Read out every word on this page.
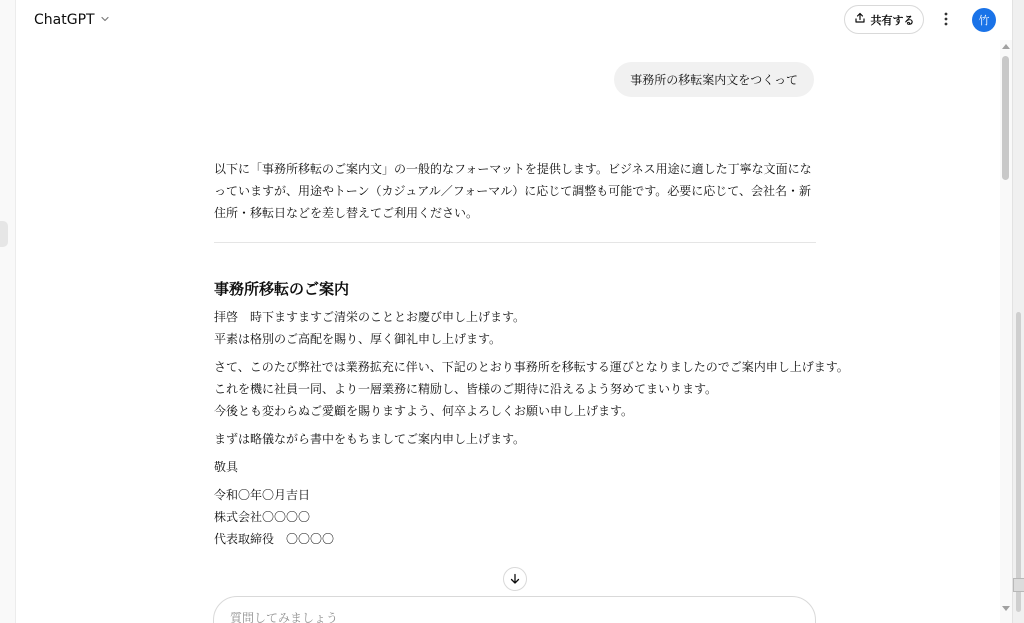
ChatGPT	共有する	竹
事務所の移転案内文をつくって

以下に「事務所移転のご案内文」の一般的なフォーマットを提供します。ビジネス用途に適した丁寧な文面になっていますが、用途やトーン（カジュアル／フォーマル）に応じて調整も可能です。必要に応じて、会社名・新住所・移転日などを差し替えてご利用ください。

事務所移転のご案内

拝啓　時下ますますご清栄のこととお慶び申し上げます。

平素は格別のご高配を賜り、厚く御礼申し上げます。

さて、このたび弊社では業務拡充に伴い、下記のとおり事務所を移転する運びとなりましたのでご案内申し上げます。

これを機に社員一同、より一層業務に精励し、皆様のご期待に沿えるよう努めてまいります。

今後とも変わらぬご愛顧を賜りますよう、何卒よろしくお願い申し上げます。

まずは略儀ながら書中をもちましてご案内申し上げます。

敬具

令和〇年〇月吉日

株式会社〇〇〇〇

代表取締役　〇〇〇〇

質問してみましょう
